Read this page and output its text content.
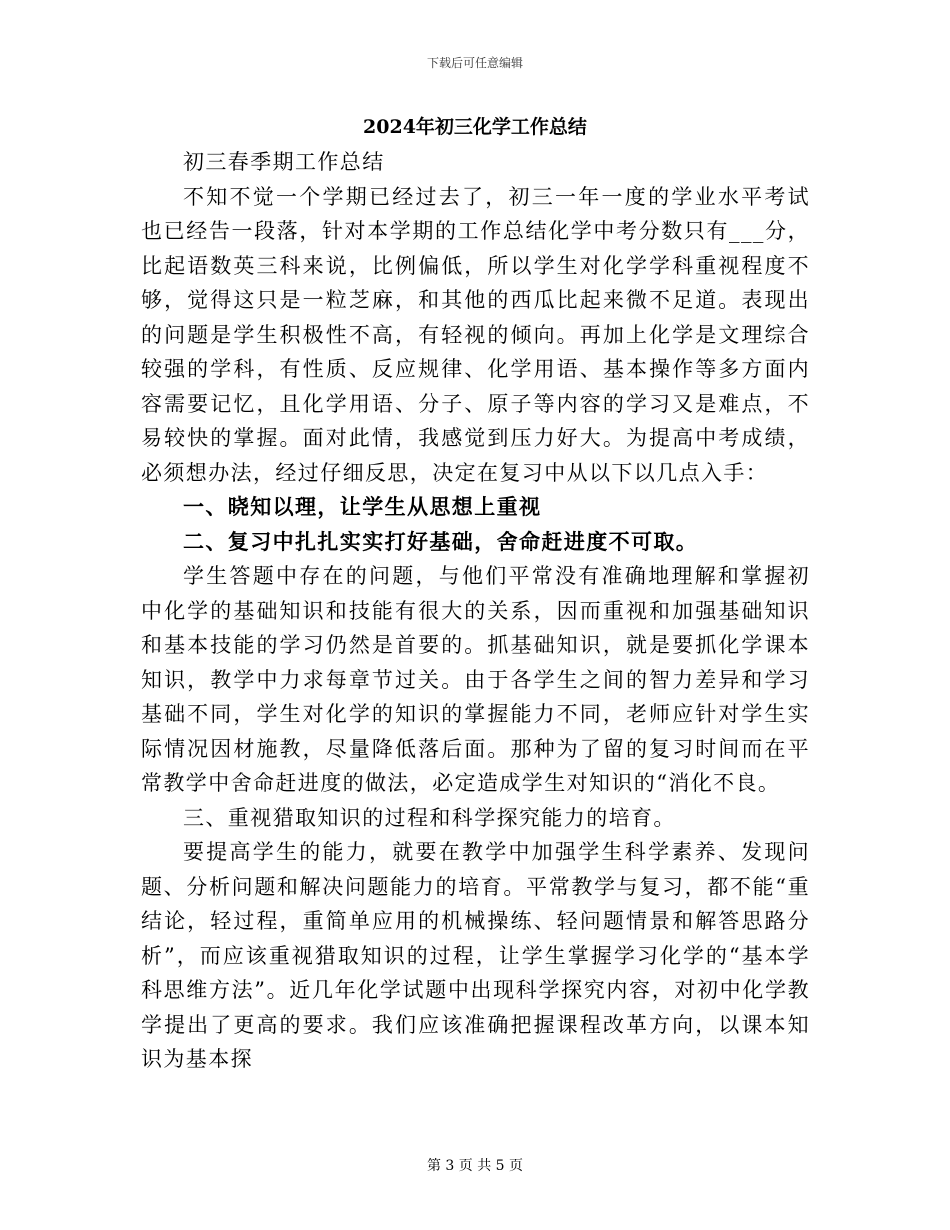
下载后可任意编辑
2024年初三化学工作总结

初三春季期工作总结

不知不觉一个学期已经过去了，初三一年一度的学业水平考试也已经告一段落，针对本学期的工作总结化学中考分数只有___分，比起语数英三科来说，比例偏低，所以学生对化学学科重视程度不够，觉得这只是一粒芝麻，和其他的西瓜比起来微不足道。表现出的问题是学生积极性不高，有轻视的倾向。再加上化学是文理综合较强的学科，有性质、反应规律、化学用语、基本操作等多方面内容需要记忆，且化学用语、分子、原子等内容的学习又是难点，不易较快的掌握。面对此情，我感觉到压力好大。为提高中考成绩，必须想办法，经过仔细反思，决定在复习中从以下以几点入手：

一、晓知以理，让学生从思想上重视

二、复习中扎扎实实打好基础，舍命赶进度不可取。

学生答题中存在的问题，与他们平常没有准确地理解和掌握初中化学的基础知识和技能有很大的关系，因而重视和加强基础知识和基本技能的学习仍然是首要的。抓基础知识，就是要抓化学课本知识，教学中力求每章节过关。由于各学生之间的智力差异和学习基础不同，学生对化学的知识的掌握能力不同，老师应针对学生实际情况因材施教，尽量降低落后面。那种为了留的复习时间而在平常教学中舍命赶进度的做法，必定造成学生对知识的“消化不良。

三、重视猎取知识的过程和科学探究能力的培育。

要提高学生的能力，就要在教学中加强学生科学素养、发现问题、分析问题和解决问题能力的培育。平常教学与复习，都不能“重结论，轻过程，重简单应用的机械操练、轻问题情景和解答思路分析”，而应该重视猎取知识的过程，让学生掌握学习化学的“基本学科思维方法”。近几年化学试题中出现科学探究内容，对初中化学教学提出了更高的要求。我们应该准确把握课程改革方向，以课本知识为基本探

第 3 页 共 5 页
